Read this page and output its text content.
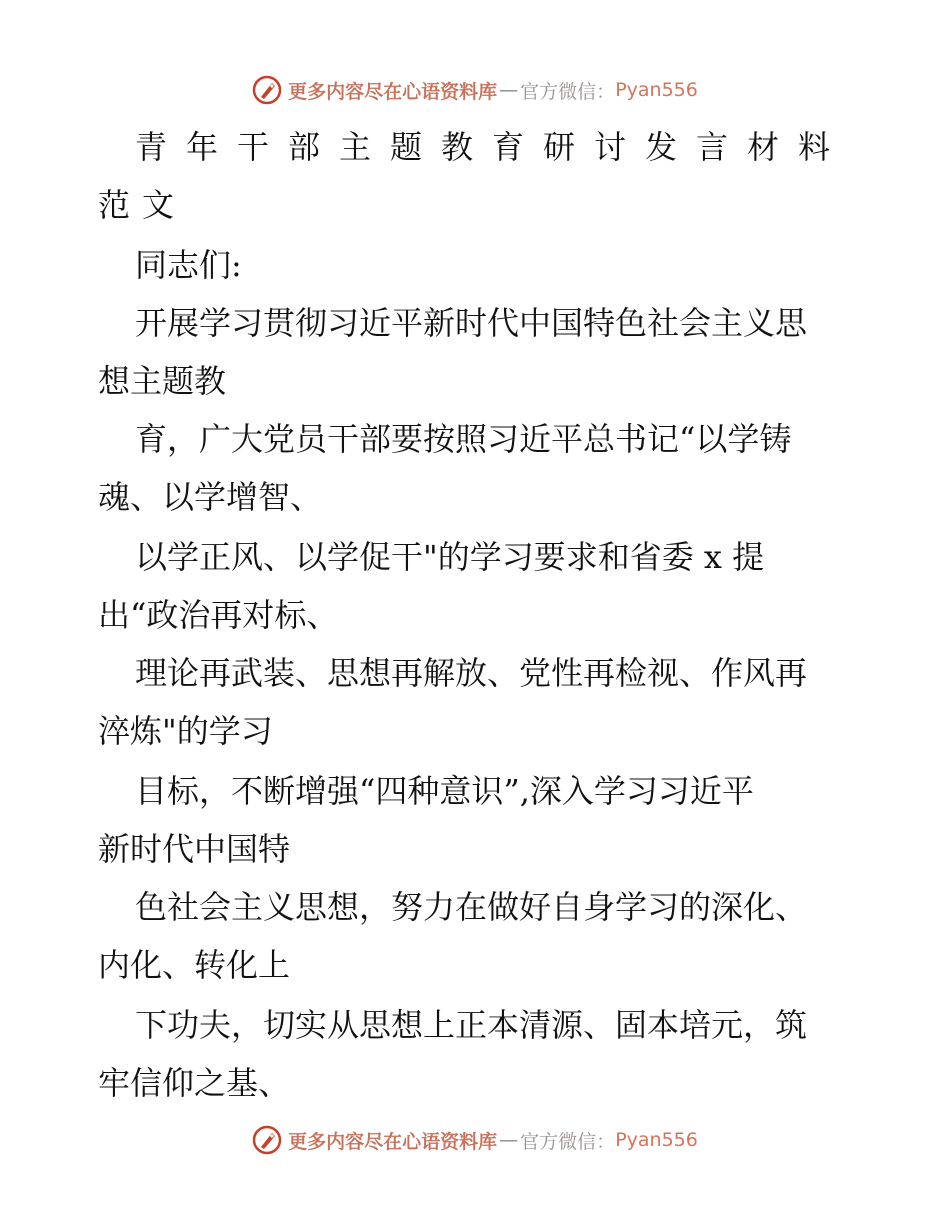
更多内容尽在心语资料库 — 官方微信： Pyan556
青年干部主题教育研讨发言材料
范文
同志们:
开展学习贯彻习近平新时代中国特色社会主义思
想主题教
育，广大党员干部要按照习近平总书记“以学铸
魂、以学增智、
以学正风、以学促干"的学习要求和省委 x 提
出“政治再对标、
理论再武装、思想再解放、党性再检视、作风再
淬炼"的学习
目标，不断增强“四种意识”,深入学习习近平
新时代中国特
色社会主义思想，努力在做好自身学习的深化、
内化、转化上
下功夫，切实从思想上正本清源、固本培元，筑
牢信仰之基、
更多内容尽在心语资料库 — 官方微信： Pyan556
